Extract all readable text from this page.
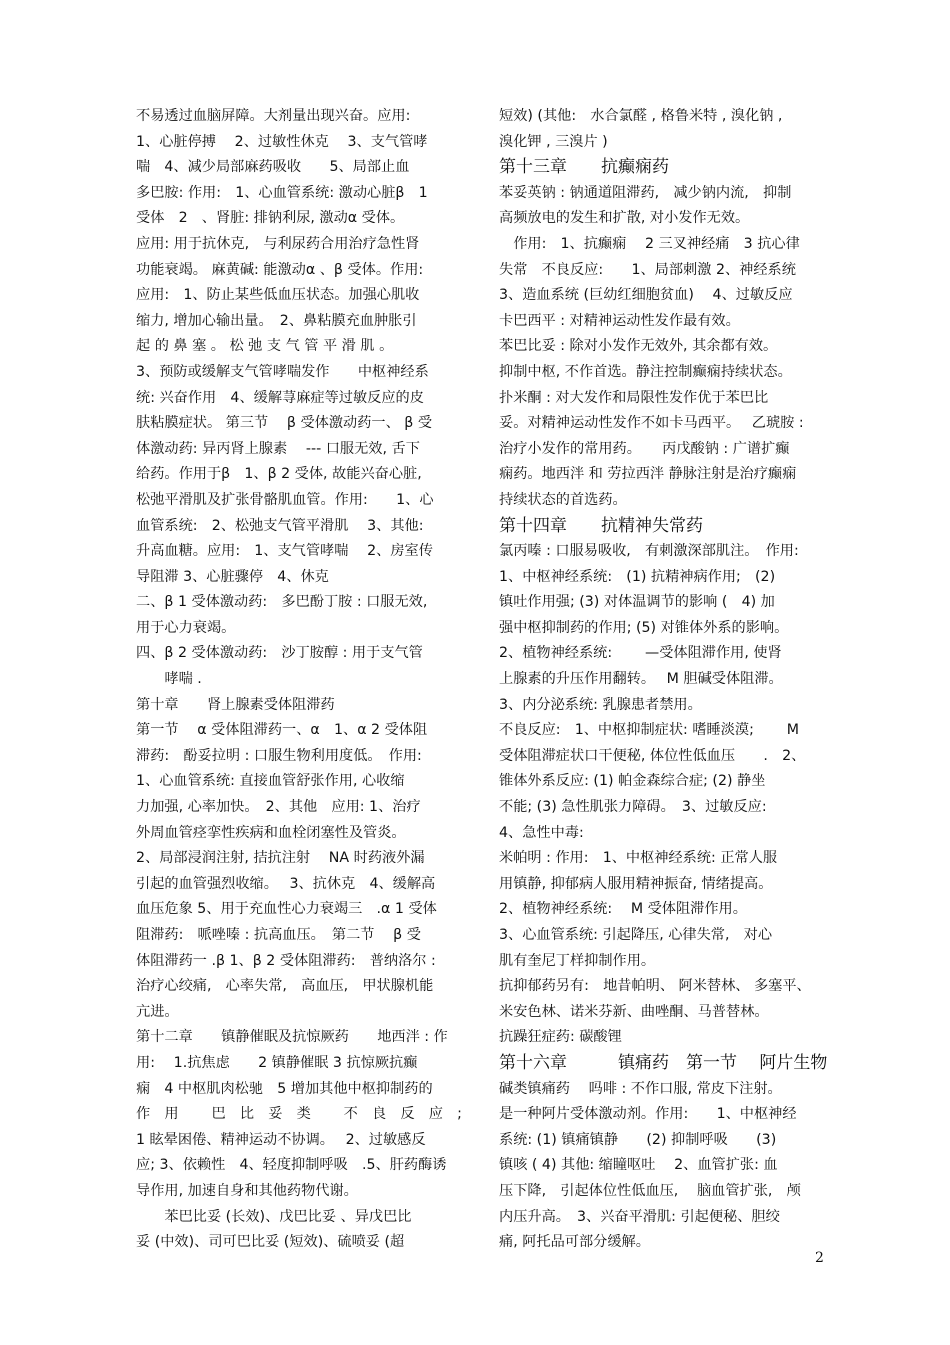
不易透过血脑屏障。大剂量出现兴奋。应用:
1、心脏停搏　 2、过敏性休克　 3、支气管哮
喘　4、减少局部麻药吸收　　5、局部止血
多巴胺: 作用:　1、心血管系统: 激动心脏β　1
受体　2　、肾脏: 排钠利尿, 激动α 受体。
应用: 用于抗休克,　与利尿药合用治疗急性肾
功能衰竭。 麻黄碱: 能激动α 、β 受体。作用:
应用:　1、防止某些低血压状态。加强心肌收
缩力, 增加心输出量。　2、鼻粘膜充血肿胀引
起 的 鼻 塞 。 松 弛 支 气 管 平 滑 肌 。
3、预防或缓解支气管哮喘发作　　中枢神经系
统: 兴奋作用　4、缓解荨麻症等过敏反应的皮
肤粘膜症状。 第三节　 β 受体激动药一、 β 受
体激动药: 异丙肾上腺素　 --- 口服无效, 舌下
给药。作用于β　1、β 2 受体, 故能兴奋心脏,
松弛平滑肌及扩张骨骼肌血管。作用:　　1、心
血管系统:　2、松弛支气管平滑肌　 3、其他:
升高血糖。应用:　1、支气管哮喘　 2、房室传
导阻滞 3、心脏骤停　4、休克
二、β 1 受体激动药:　多巴酚丁胺 : 口服无效,
用于心力衰竭。
四、β 2 受体激动药:　沙丁胺醇 : 用于支气管
　　哮喘 .
第十章　　肾上腺素受体阻滞药
第一节　 α 受体阻滞药一、α　1、α 2 受体阻
滞药:　酚妥拉明 : 口服生物利用度低。　作用:
1、心血管系统: 直接血管舒张作用, 心收缩
力加强, 心率加快。　2、其他　应用: 1、治疗
外周血管痉挛性疾病和血栓闭塞性及管炎。
2、局部浸润注射, 拮抗注射　 NA 时药液外漏
引起的血管强烈收缩。　 3、抗休克　4、缓解高
血压危象 5、用于充血性心力衰竭三　.α 1 受体
阻滞药:　哌唑嗪 : 抗高血压。　第二节　 β 受
体阻滞药一 .β 1、β 2 受体阻滞药:　普纳洛尔 :
治疗心绞痛,　心率失常,　高血压,　甲状腺机能
亢进。
第十二章　　镇静催眠及抗惊厥药　　地西泮 : 作
用:　 1.抗焦虑　　2 镇静催眠 3 抗惊厥抗癫
痫　4 中枢肌肉松驰　5 增加其他中枢抑制药的
作　用　　 巴　比　妥　类　　 不　良　反　应　;
1 眩晕困倦、精神运动不协调。　 2、过敏感反
应; 3、依赖性　4、轻度抑制呼吸　.5、肝药酶诱
导作用, 加速自身和其他药物代谢。
　　苯巴比妥 (长效)、戊巴比妥 、异戊巴比
妥 (中效)、司可巴比妥 (短效)、硫喷妥 (超
短效) (其他:　水合氯醛 , 格鲁米特 , 溴化钠 ,
溴化钾 , 三溴片 )
第十三章　　抗癫痫药
苯妥英钠 : 钠通道阻滞药,　减少钠内流,　抑制
高频放电的发生和扩散, 对小发作无效。
　作用:　1、抗癫痫　 2 三叉神经痛　3 抗心律
失常　不良反应:　　1、局部刺激 2、神经系统
3、造血系统 (巨幼红细胞贫血)　 4、过敏反应
卡巴西平 : 对精神运动性发作最有效。
苯巴比妥 : 除对小发作无效外, 其余都有效。
抑制中枢, 不作首选。静注控制癫痫持续状态。
扑米酮 : 对大发作和局限性发作优于苯巴比
妥。对精神运动性发作不如卡马西平。　 乙琥胺 :
治疗小发作的常用药。　　丙戊酸钠 : 广谱扩癫
痫药。地西泮 和 劳拉西泮 静脉注射是治疗癫痫
持续状态的首选药。
第十四章　　抗精神失常药
氯丙嗪 : 口服易吸收,　有刺激深部肌注。　作用:
1、中枢神经系统:　(1) 抗精神病作用;　(2)
镇吐作用强; (3) 对体温调节的影响 (　4) 加
强中枢抑制药的作用; (5) 对锥体外系的影响。
2、植物神经系统:　　 —受体阻滞作用, 使肾
上腺素的升压作用翻转。　 M 胆碱受体阻滞。
3、内分泌系统: 乳腺患者禁用。
不良反应:　1、中枢抑制症状: 嗜睡淡漠;　　 M
受体阻滞症状口干便秘, 体位性低血压　　.　2、
锥体外系反应: (1) 帕金森综合症; (2) 静坐
不能; (3) 急性肌张力障碍。　3、过敏反应:
4、急性中毒:
米帕明 : 作用:　1、中枢神经系统: 正常人服
用镇静, 抑郁病人服用精神振奋, 情绪提高。
2、植物神经系统:　 M 受体阻滞作用。
3、心血管系统: 引起降压, 心律失常,　对心
肌有奎尼丁样抑制作用。
抗抑郁药另有:　地昔帕明、 阿米替林、 多塞平、
米安色林、诺米芬新、曲唑酮、马普替林。
抗躁狂症药: 碳酸锂
第十六章　　　镇痛药　第一节　 阿片生物
碱类镇痛药　 吗啡 : 不作口服, 常皮下注射。
是一种阿片受体激动剂。作用:　　1、中枢神经
系统: (1) 镇痛镇静　　(2) 抑制呼吸　　(3)
镇咳 ( 4) 其他: 缩瞳呕吐　 2、血管扩张: 血
压下降,　引起体位性低血压,　 脑血管扩张,　颅
内压升高。　3、兴奋平滑肌: 引起便秘、胆绞
痛, 阿托品可部分缓解。
2
